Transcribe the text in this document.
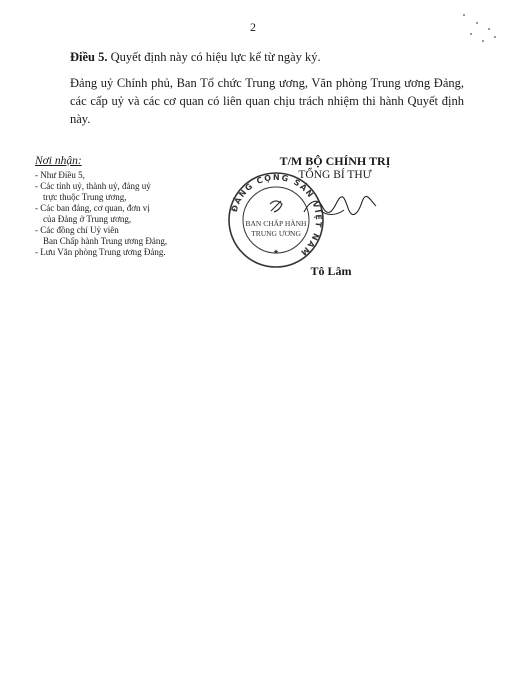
2
Điều 5. Quyết định này có hiệu lực kể từ ngày ký.
Đảng uỷ Chính phủ, Ban Tổ chức Trung ương, Văn phòng Trung ương Đảng, các cấp uỷ và các cơ quan có liên quan chịu trách nhiệm thi hành Quyết định này.
Nơi nhận:
- Như Điều 5,
- Các tỉnh uỷ, thành uỷ, đảng uỷ
trực thuộc Trung ương,
- Các ban đảng, cơ quan, đơn vị
của Đảng ở Trung ương,
- Các đồng chí Uỷ viên
Ban Chấp hành Trung ương Đảng,
- Lưu Văn phòng Trung ương Đảng.
T/M BỘ CHÍNH TRỊ
TỔNG BÍ THƯ
ĐẢNG CỘNG SẢN VIỆT NAM
BAN CHẤP HÀNH
TRUNG ƯƠNG
★
Tô Lâm
